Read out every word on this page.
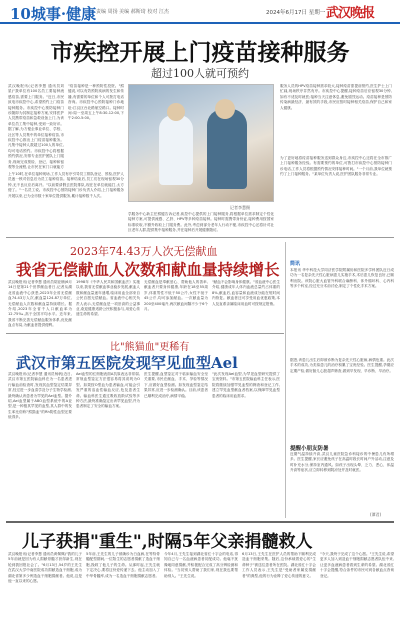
10城事·健康 责编 周扬 美编 郝斯琦 校对 江杰	2024年6月17日 星期一 武汉晚报
市疾控开展上门疫苗接种服务
超过100人就可预约
武汉晚报讯(记者李慧 通讯员刘星)"我单位有100名员工要接种流感疫苗,需要上门服务。"近日,市民致电市疾控中心,希望预约上门疫苗接种服务。市疾控中心预防接种门诊随即为其制定接种方案,安排医护人员携带疫苗和急救设备上门,为该单位员工集中接种,受到一致好评。据了解,为方便企事业单位、学校、社区等人员集中的单位接种疫苗,市疾控中心推出上门疫苗接种服务。凡集中接种人数超过100人的单位,均可电话预约。市疾控中心将根据预约情况,安排专业医护团队上门服务,现场完成预检、登记、接种和留观等全流程,让市民在家门口就能方
上午10时,在单位接种现场,工作人员有序引导员工排队登记、预检,医护人员逐一核对信息后为员工接种疫苗。接种结束后,员工们在现场留观30分钟,无不良反应后离开。"以前要请假去医院排队,现在在单位就能打,太方便了。"一名员工说。市疾控中心预防接种门诊负责人介绍,上门接种服务开展以来,已为全市数十家单位提供服务,累计接种数千人次。
"疫苗接种是一种预防性投资。"熊键说,可以有效预防疾病的发生和传播,有需要的单位和个人可拨打电话咨询。市疾控中心预防接种门诊地址:江汉区台北路航空路口。接种时间:周一至周五上午8:30-12:00,下午2:00-5:00。
记者李慧摄
学服务中心新主任熊键告诉记者,疾控中心提供的上门接种服务,将根据单位需求制定个性化接种方案,可提供流感、乙肝、HPV等多种疫苗接种。接种时需携带身份证,接种费用按国家标准收取,不额外收取上门服务费。此外,考虑到部分老年人行动不便,市疾控中心还将针对社区老年人群,提供集中接种服务,并在接种后开展健康随访。
服务人员的HPV疫苗接种需求较大,接种疫苗需提前预约,医生护士上门忙碌,现场秩序井然有序。市疾控中心提醒,接种疫苗后应留观30分钟,如有不适及时就医;接种当天注意休息,避免剧烈运动。疫苗接种是预防传染病最经济、最有效的手段,市民应按时接种相关疫苗,保护自己和家人健康。
为了更好地将疫苗接种服务送到群众身边,市疾控中心还将在全市推广上门接种服务经验。有需要预约的单位,可拨打市疾控中心预防接种门诊电话,工作人员将根据预约情况安排接种时间。"一个月前,我单位就预约了上门接种服务。"某单位负责人说,医护团队服务非常专业。
2023年74.43万人次无偿献血
我省无偿献血人次数和献血量持续增长
武汉晚报讯(记者李慧 通讯员胡亚楠)6月14日是第21个世界献血者日,记者从湖北省血液中心获悉,2023年全省无偿献血74.43万人次,献血量124.87万单位,无偿献血人次数和献血量持续增长。据介绍,2023年全省千人口献血率为12.75‰,高于全国平均水平。近年来,我省不断完善无偿献血服务体系,优化献血点布局,为献血者提供便利。
1998年《中华人民共和国献血法》实施以来,我省无偿献血事业稳步发展,献血人数和献血量逐年递增,临床用血全部来自公民自愿无偿献血。省血液中心相关负责人表示,无偿献血是一项崇高的公益事业,欢迎健康适龄公民积极参与,用爱心传递生命的希望。
无偿献血是奉献爱心、帮助他人的善举,献血者只要身体健康,年龄在18至55周岁,体重男性不低于50公斤,女性不低于45公斤,均可参加献血。一次献血量为200至400毫升,两次献血间隔不少于6个月。
"献血不会影响身体健康。"省血液中心医生介绍,健康成年人体内血液总量约占体重的8%,献血后,血容量和血液成分能在短时间内恢复。献血者还可享受用血优惠政策,本人及直系亲属临床用血时可按规定报销。
比"熊猫血"更稀有
武汉市第五医院发现罕见血型Ael
武汉晚报讯(记者李慧 通讯员杨帆)近日,武汉市第五医院输血科在为一名患者进行输血前检查时,发现其血型鉴定结果异常,经过进一步血清学及分子生物学检测,最终确认该患者为罕见的Ael血型。据介绍,Ael血型属于ABO血型系统中的A亚型,是一种极其罕见的血型,其人群中的发生率比俗称"熊猫血"的Rh阴性血型还要低得多。
Ael血型的红细胞表面A抗原表达非常弱,常规血型鉴定方法很容易将其误判为O型。如果按O型血为患者输血,可能会引发严重的溶血性输血反应,危及患者生命。输血科医生通过吸收放散试验等多种方法,最终准确鉴定出该罕见血型,并为患者制定了安全的输血方案。
医生提醒,血型鉴定对于临床输血安全至关重要,市民在献血、手术、孕检等情况下,应做好血型检测。如发现血型鉴定结果异常,应进一步检测确认。目前,该患者已顺利完成治疗,病情平稳。
"此次发现Ael血型,为罕见血型研究提供了宝贵资料。"市第五医院输血科主任表示,医院将继续加强罕见血型的筛查和登记工作,建立罕见血型献血者档案,以保障罕见血型患者的临床用血需求。
简讯
本报讯 华中科技大学同济医学院附属协和医院多学科团队近日成功为一名复杂先天性心脏病患儿实施手术,术后患儿恢复良好,已顺利出院。该院心脏大血管外科联合麻醉科、体外循环科、心内科等多个科室,经过充分术前讨论,制定了个性化手术方案。
据悉,该患儿出生后即被诊断为复杂先天性心脏病,病情危重。此次手术的成功,为类似患儿的治疗积累了宝贵经验。医生提醒,孕期应定期产检,做好胎儿心脏超声筛查,做到早发现、早诊断、早治疗。
提醒小朋友防暑
近期气温持续升高,武汉儿童医院急诊科接诊的中暑患儿有所增多。医生提醒,家长应避免孩子在高温时段长时间户外活动,注意及时补充水分,保持室内通风。如孩子出现头晕、乏力、恶心、体温升高等症状,应立即转移到阴凉处并及时就医。
(谭君)
儿子获捐"重生",时隔5年父亲捐髓救人
武汉晚报讯(记者李慧 通讯员黄佩佩)"我的儿子5年前就是因为有人捐献骨髓才获得新生,现在轮到我回报社会了。"6月13日,54岁的王先生在武汉大学中南医院成功捐献造血干细胞,成为湖北省第多少例造血干细胞捐献者。他说,这是他一直以来的心愿。
5年前,王先生的儿子被确诊为白血病,在等待骨髓配型期间,一位陌生的志愿者捐献了造血干细胞,挽救了他儿子的生命。从那时起,王先生就下定决心,要将这份爱传递下去。他主动加入了中华骨髓库,成为一名造血干细胞捐献志愿者。
今年4月,王先生接到湖北省红十字会的电话,得知自己与一名血液病患者初配成功。他毫不犹豫地同意捐献,并积极配合完成了高分辨检测和体检。"当初别人帮助了我们家,现在我也要帮助别人。"王先生说。
6月13日,王先生在医护人员的帮助下顺利完成造血干细胞采集。随后,这份承载着爱心的"生命种子"被送往患者所在医院。湖北省红十字会工作人员表示,王先生是"受助者家属变捐献者"的典型,他的行为诠释了爱心传递的意义。
"今天,我终于完成了这个心愿。"王先生说,希望更多人加入到造血干细胞捐献志愿者队伍中来,让更多血液病患者看到生命的希望。湖北省红十字会提醒,符合条件的市民可到各献血点咨询登记。
